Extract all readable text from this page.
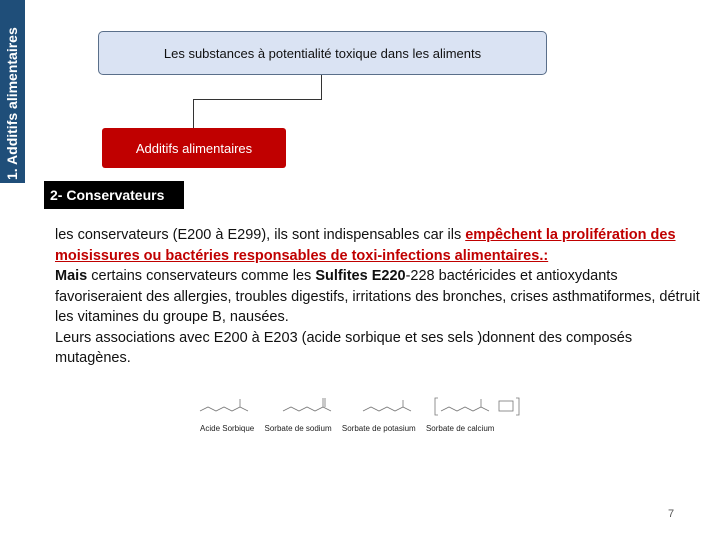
1. Additifs alimentaires	Les substances à potentialité toxique dans les aliments
Additifs alimentaires
2- Conservateurs

les conservateurs (E200 à E299), ils sont indispensables car ils empêchent la prolifération des moisissures ou bactéries responsables de toxi-infections alimentaires.:

Mais certains conservateurs comme les Sulfites E220-228 bactéricides et antioxydants favoriseraient des allergies, troubles digestifs, irritations des bronches, crises asthmatiformes, détruit les vitamines du groupe B, nausées.

Leurs associations avec E200 à E203 (acide sorbique et ses sels )donnent des composés mutagènes.

Acide Sorbique Sorbate de sodium Sorbate de potasium Sorbate de calcium
7
